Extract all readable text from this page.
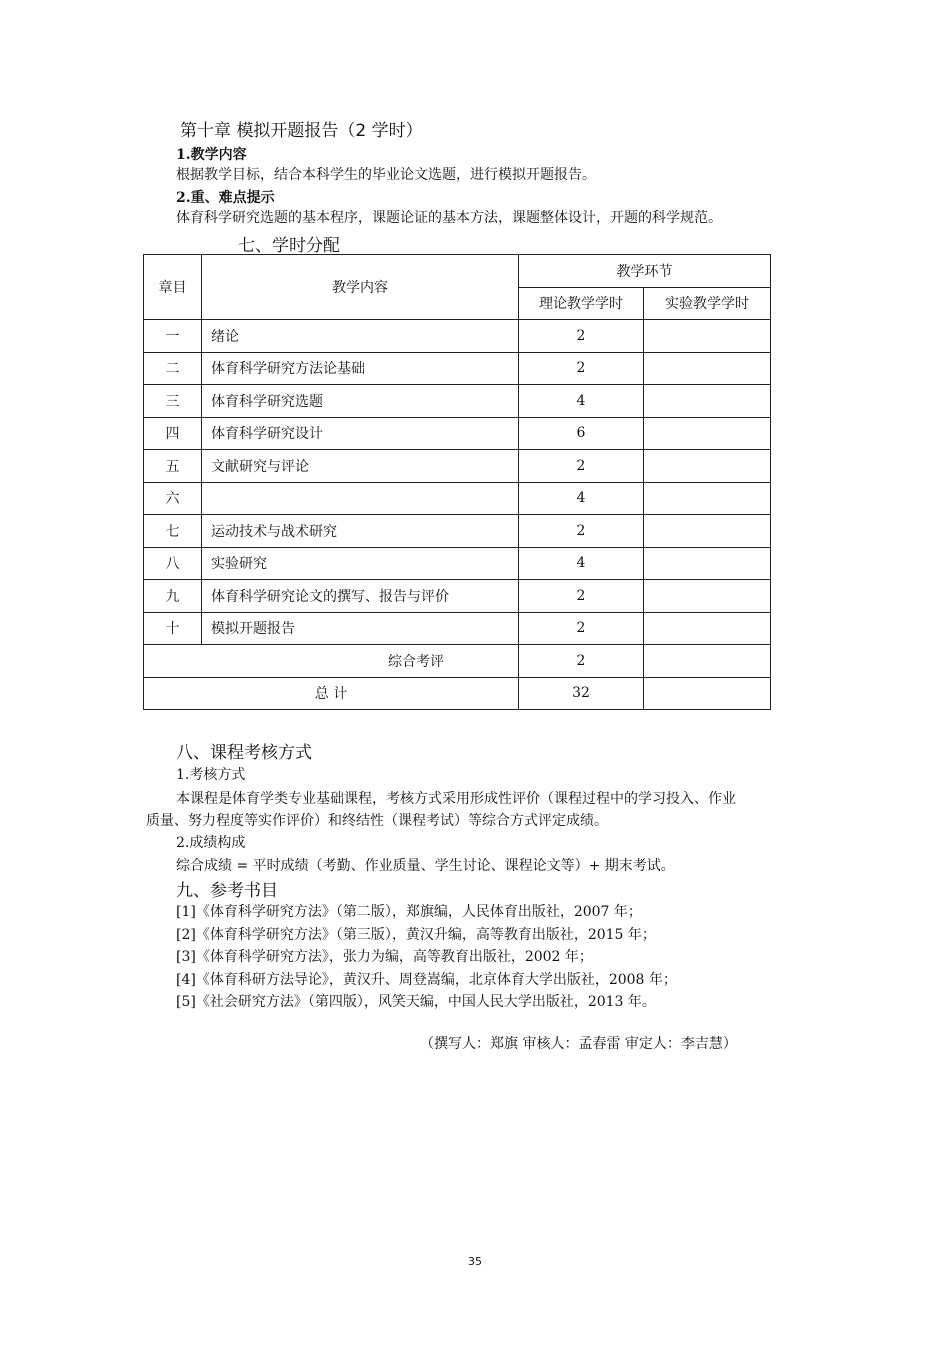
第十章 模拟开题报告（2 学时）
1.教学内容
根据教学目标，结合本科学生的毕业论文选题，进行模拟开题报告。
2.重、难点提示
体育科学研究选题的基本程序，课题论证的基本方法，课题整体设计，开题的科学规范。
七、学时分配
章目	教学内容	教学环节	
		理论教学学时	实验教学学时
一	绪论	2	
二	体育科学研究方法论基础	2	
三	体育科学研究选题	4	
四	体育科学研究设计	6	
五	文献研究与评论	2	
六		4	
七	运动技术与战术研究	2	
八	实验研究	4	
九	体育科学研究论文的撰写、报告与评价	2	
十	模拟开题报告	2	
综合考评		2	
总 计		32	
八、课程考核方式
1.考核方式
本课程是体育学类专业基础课程，考核方式采用形成性评价（课程过程中的学习投入、作业
质量、努力程度等实作评价）和终结性（课程考试）等综合方式评定成绩。
2.成绩构成
综合成绩 = 平时成绩（考勤、作业质量、学生讨论、课程论文等）+ 期末考试。
九、参考书目
[1]《体育科学研究方法》（第二版），郑旗编，人民体育出版社，2007 年；
[2]《体育科学研究方法》（第三版），黄汉升编，高等教育出版社，2015 年；
[3]《体育科学研究方法》，张力为编，高等教育出版社，2002 年；
[4]《体育科研方法导论》，黄汉升、周登嵩编，北京体育大学出版社，2008 年；
[5]《社会研究方法》（第四版），风笑天编，中国人民大学出版社，2013 年。
（撰写人：郑旗 审核人：孟春雷 审定人：李吉慧）
35
